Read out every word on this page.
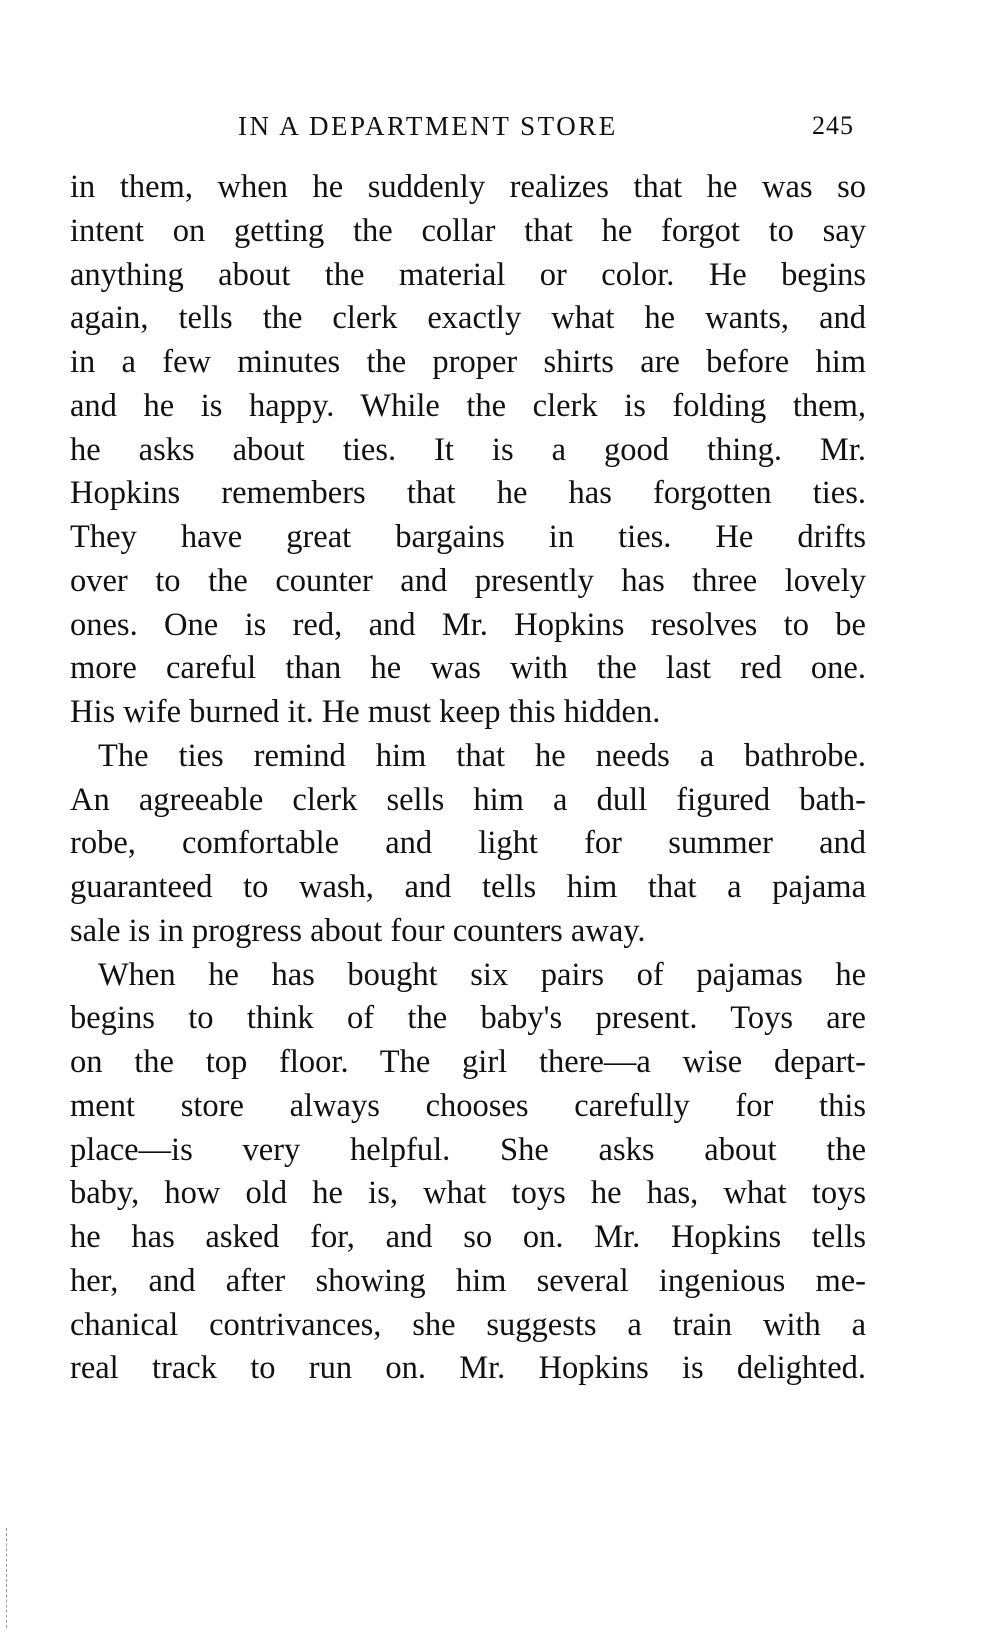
IN A DEPARTMENT STORE	245
in them, when he suddenly realizes that he was so
intent on getting the collar that he forgot to say
anything about the material or color. He begins
again, tells the clerk exactly what he wants, and
in a few minutes the proper shirts are before him
and he is happy. While the clerk is folding them,
he asks about ties. It is a good thing. Mr.
Hopkins remembers that he has forgotten ties.
They have great bargains in ties. He drifts
over to the counter and presently has three lovely
ones. One is red, and Mr. Hopkins resolves to be
more careful than he was with the last red one.
His wife burned it. He must keep this hidden.
The ties remind him that he needs a bathrobe.
An agreeable clerk sells him a dull figured bath-
robe, comfortable and light for summer and
guaranteed to wash, and tells him that a pajama
sale is in progress about four counters away.
When he has bought six pairs of pajamas he
begins to think of the baby's present. Toys are
on the top floor. The girl there—a wise depart-
ment store always chooses carefully for this
place—is very helpful. She asks about the
baby, how old he is, what toys he has, what toys
he has asked for, and so on. Mr. Hopkins tells
her, and after showing him several ingenious me-
chanical contrivances, she suggests a train with a
real track to run on. Mr. Hopkins is delighted.
